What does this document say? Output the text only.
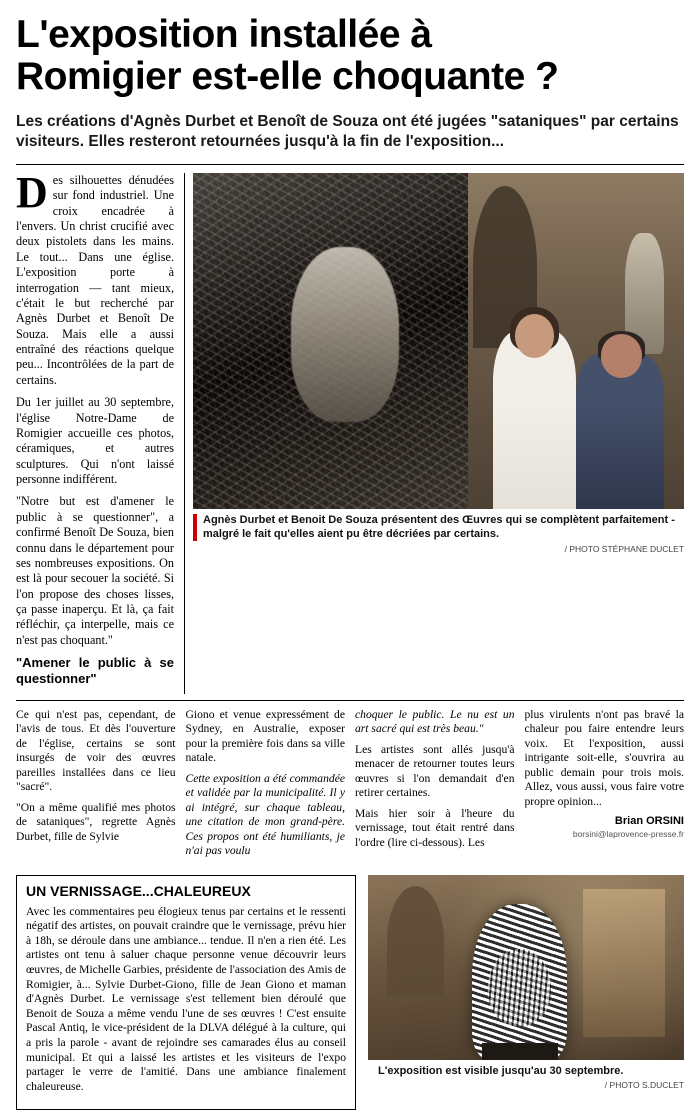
L'exposition installée à
Romigier est-elle choquante ?
Les créations d'Agnès Durbet et Benoît de Souza ont été jugées "sataniques" par certains visiteurs. Elles resteront retournées jusqu'à la fin de l'exposition...

Des silhouettes dénudées sur fond industriel. Une croix encadrée à l'envers. Un christ crucifié avec deux pistolets dans les mains. Le tout... Dans une église. L'exposition porte à interrogation — tant mieux, c'était le but recherché par Agnès Durbet et Benoît De Souza. Mais elle a aussi entraîné des réactions quelque peu... Incontrôlées de la part de certains.

Du 1er juillet au 30 septembre, l'église Notre-Dame de Romigier accueille ces photos, céramiques, et autres sculptures. Qui n'ont laissé personne indifférent.

"Notre but est d'amener le public à se questionner", a confirmé Benoît De Souza, bien connu dans le département pour ses nombreuses expositions. On est là pour secouer la société. Si l'on propose des choses lisses, ça passe inaperçu. Et là, ça fait réfléchir, ça interpelle, mais ce n'est pas choquant."

"Amener le public à se questionner"

Agnès Durbet et Benoit De Souza présentent des Œuvres qui se complètent parfaitement - malgré le fait qu'elles aient pu être décriées par certains.
/ PHOTO STÉPHANE DUCLET

Ce qui n'est pas, cependant, de l'avis de tous. Et dès l'ouverture de l'église, certains se sont insurgés de voir des œuvres pareilles installées dans ce lieu "sacré".

"On a même qualifié mes photos de sataniques", regrette Agnès Durbet, fille de Sylvie

Giono et venue expressément de Sydney, en Australie, exposer pour la première fois dans sa ville natale.

Cette exposition a été commandée et validée par la municipalité. Il y ai intégré, sur chaque tableau, une citation de mon grand-père. Ces propos ont été humiliants, je n'ai pas voulu

choquer le public. Le nu est un art sacré qui est très beau."

Les artistes sont allés jusqu'à menacer de retourner toutes leurs œuvres si l'on demandait d'en retirer certaines.

Mais hier soir à l'heure du vernissage, tout était rentré dans l'ordre (lire ci-dessous). Les

plus virulents n'ont pas bravé la chaleur pou faire entendre leurs voix. Et l'exposition, aussi intrigante soit-elle, s'ouvrira au public demain pour trois mois. Allez, vous aussi, vous faire votre propre opinion...

Brian ORSINI
borsini@laprovence-presse.fr
UN VERNISSAGE...CHALEUREUX

Avec les commentaires peu élogieux tenus par certains et le ressenti négatif des artistes, on pouvait craindre que le vernissage, prévu hier à 18h, se déroule dans une ambiance... tendue. Il n'en a rien été. Les artistes ont tenu à saluer chaque personne venue découvrir leurs œuvres, de Michelle Garbies, présidente de l'association des Amis de Romigier, à... Sylvie Durbet-Giono, fille de Jean Giono et maman d'Agnès Durbet. Le vernissage s'est tellement bien déroulé que Benoit de Souza a même vendu l'une de ses œuvres ! C'est ensuite Pascal Antiq, le vice-président de la DLVA délégué à la culture, qui a pris la parole - avant de rejoindre ses camarades élus au conseil municipal. Et qui a laissé les artistes et les visiteurs de l'expo partager le verre de l'amitié. Dans une ambiance finalement chaleureuse.

L'exposition est visible jusqu'au 30 septembre.
/ PHOTO S.DUCLET
